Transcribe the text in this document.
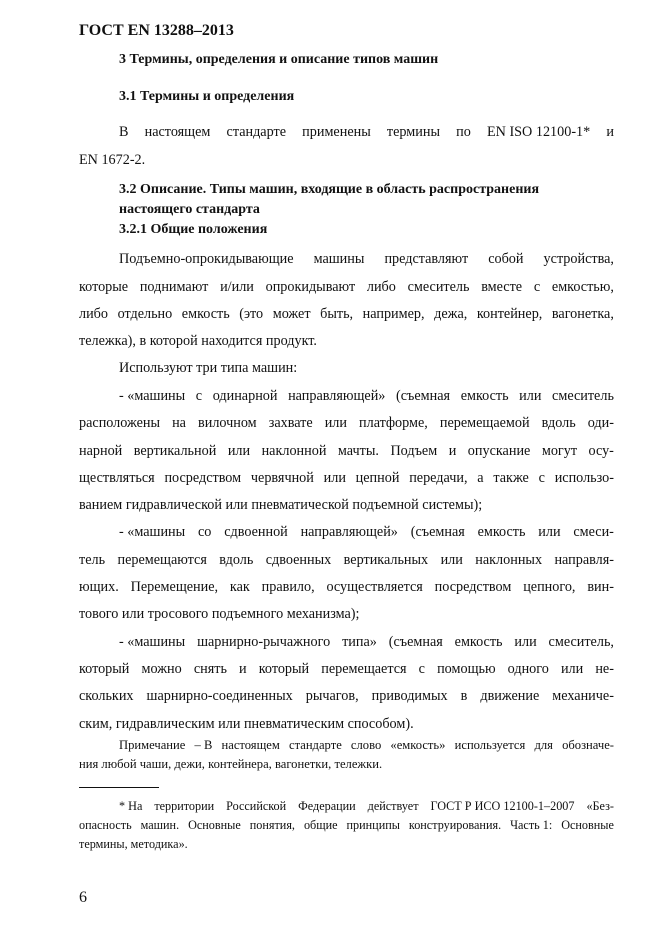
ГОСТ EN 13288–2013
3 Термины, определения и описание типов машин
3.1 Термины и определения
В настоящем стандарте применены термины по EN ISO 12100-1* и
EN 1672-2.
3.2 Описание. Типы машин, входящие в область распространения
настоящего стандарта
3.2.1 Общие положения
Подъемно-опрокидывающие машины представляют собой устройства,
которые поднимают и/или опрокидывают либо смеситель вместе с емкостью,
либо отдельно емкость (это может быть, например, дежа, контейнер, вагонетка,
тележка), в которой находится продукт.
Используют три типа машин:
- «машины с одинарной направляющей» (съемная емкость или смеситель
расположены на вилочном захвате или платформе, перемещаемой вдоль оди-
нарной вертикальной или наклонной мачты. Подъем и опускание могут осу-
ществляться посредством червячной или цепной передачи, а также с использо-
ванием гидравлической или пневматической подъемной системы);
- «машины со сдвоенной направляющей» (съемная емкость или смеси-
тель перемещаются вдоль сдвоенных вертикальных или наклонных направля-
ющих. Перемещение, как правило, осуществляется посредством цепного, вин-
тового или тросового подъемного механизма);
- «машины шарнирно-рычажного типа» (съемная емкость или смеситель,
который можно снять и который перемещается с помощью одного или не-
скольких шарнирно-соединенных рычагов, приводимых в движение механиче-
ским, гидравлическим или пневматическим способом).
Примечание – В настоящем стандарте слово «емкость» используется для обозначе-
ния любой чаши, дежи, контейнера, вагонетки, тележки.
* На территории Российской Федерации действует ГОСТ Р ИСО 12100-1–2007 «Без-
опасность машин. Основные понятия, общие принципы конструирования. Часть 1: Основные
термины, методика».
6
